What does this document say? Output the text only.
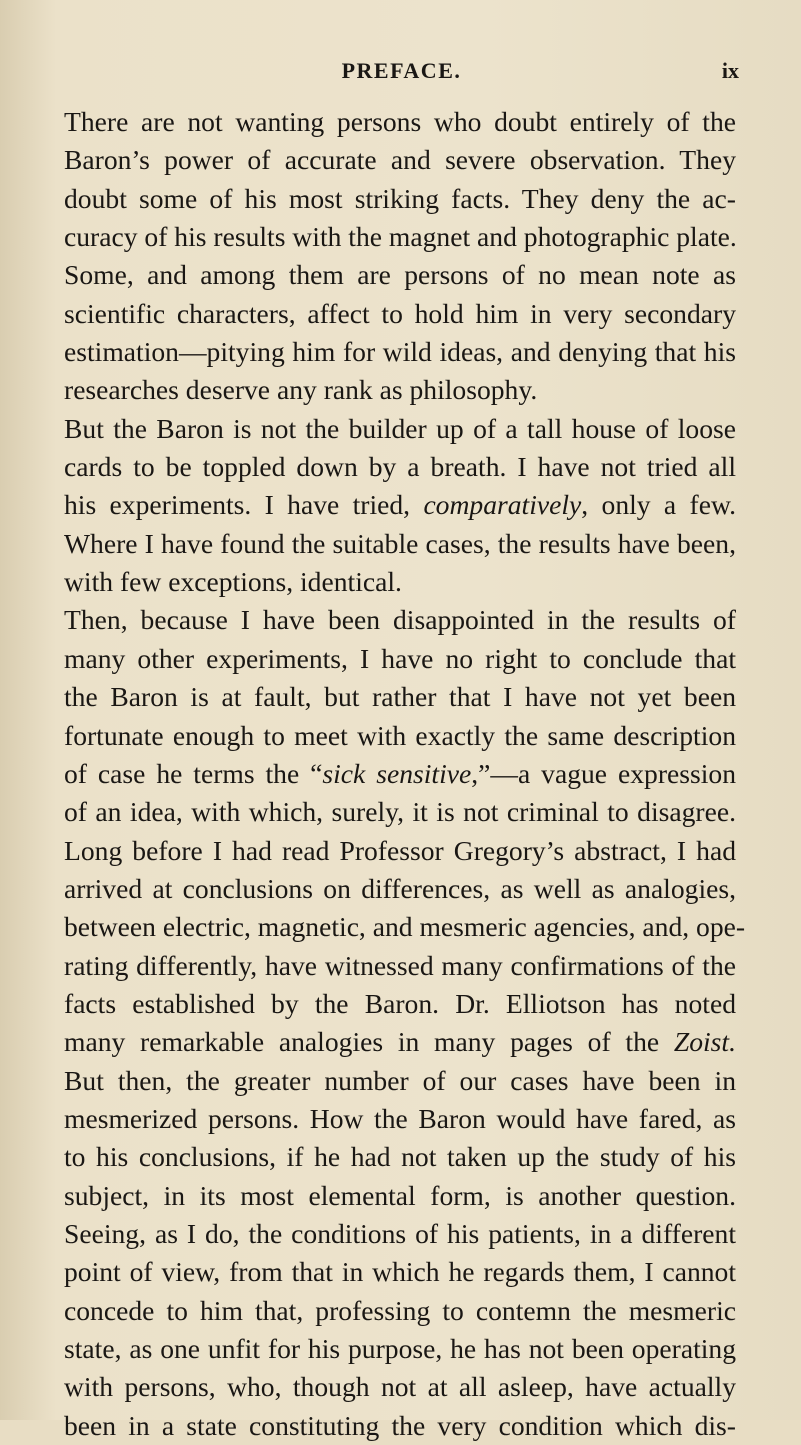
PREFACE.	ix
There are not wanting persons who doubt entirely of the
Baron’s power of accurate and severe observation. They
doubt some of his most striking facts. They deny the ac-
curacy of his results with the magnet and photographic plate.
Some, and among them are persons of no mean note as
scientific characters, affect to hold him in very secondary
estimation—pitying him for wild ideas, and denying that his
researches deserve any rank as philosophy.
But the Baron is not the builder up of a tall house of loose
cards to be toppled down by a breath. I have not tried all
his experiments. I have tried, comparatively, only a few.
Where I have found the suitable cases, the results have been,
with few exceptions, identical.
Then, because I have been disappointed in the results of
many other experiments, I have no right to conclude that
the Baron is at fault, but rather that I have not yet been
fortunate enough to meet with exactly the same description
of case he terms the “sick sensitive,”—a vague expression
of an idea, with which, surely, it is not criminal to disagree.
Long before I had read Professor Gregory’s abstract, I had
arrived at conclusions on differences, as well as analogies,
between electric, magnetic, and mesmeric agencies, and, ope-
rating differently, have witnessed many confirmations of the
facts established by the Baron. Dr. Elliotson has noted
many remarkable analogies in many pages of the Zoist.
But then, the greater number of our cases have been in
mesmerized persons. How the Baron would have fared, as
to his conclusions, if he had not taken up the study of his
subject, in its most elemental form, is another question.
Seeing, as I do, the conditions of his patients, in a different
point of view, from that in which he regards them, I cannot
concede to him that, professing to contemn the mesmeric
state, as one unfit for his purpose, he has not been operating
with persons, who, though not at all asleep, have actually
been in a state constituting the very condition which dis-
